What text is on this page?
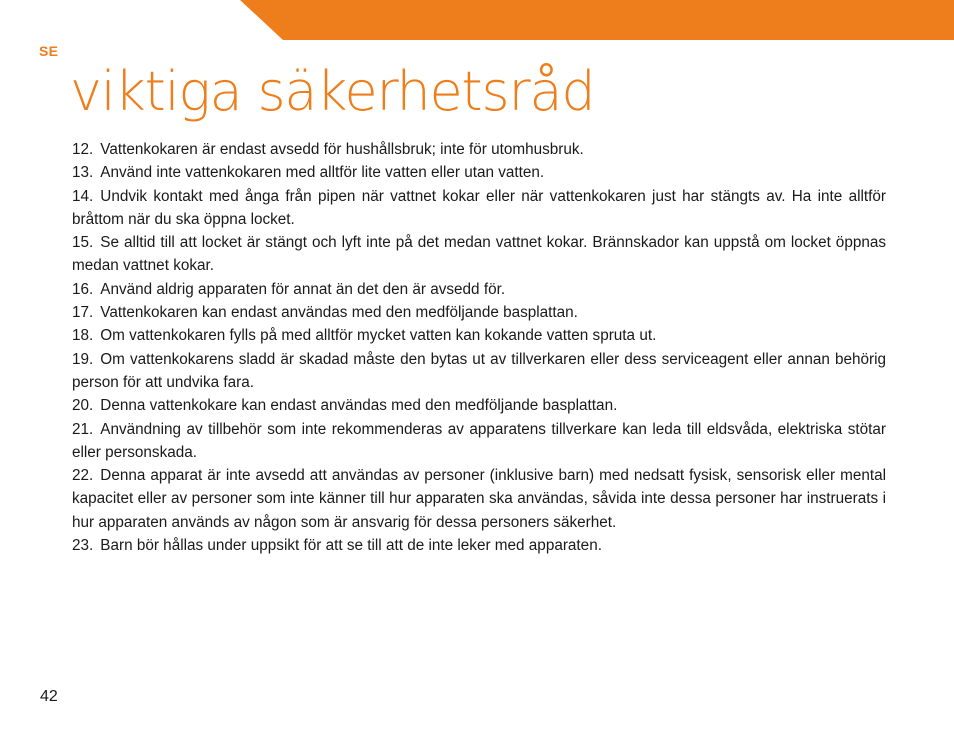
SE
viktiga säkerhetsråd

12. Vattenkokaren är endast avsedd för hushållsbruk; inte för utomhusbruk.

13. Använd inte vattenkokaren med alltför lite vatten eller utan vatten.

14. Undvik kontakt med ånga från pipen när vattnet kokar eller när vattenkokaren just har stängts av. Ha inte alltför bråttom när du ska öppna locket.

15. Se alltid till att locket är stängt och lyft inte på det medan vattnet kokar. Brännskador kan uppstå om locket öppnas medan vattnet kokar.

16. Använd aldrig apparaten för annat än det den är avsedd för.

17. Vattenkokaren kan endast användas med den medföljande basplattan.

18. Om vattenkokaren fylls på med alltför mycket vatten kan kokande vatten spruta ut.

19. Om vattenkokarens sladd är skadad måste den bytas ut av tillverkaren eller dess serviceagent eller annan behörig person för att undvika fara.

20. Denna vattenkokare kan endast användas med den medföljande basplattan.

21. Användning av tillbehör som inte rekommenderas av apparatens tillverkare kan leda till eldsvåda, elektriska stötar eller personskada.

22. Denna apparat är inte avsedd att användas av personer (inklusive barn) med nedsatt fysisk, sensorisk eller mental kapacitet eller av personer som inte känner till hur apparaten ska användas, såvida inte dessa personer har instruerats i hur apparaten används av någon som är ansvarig för dessa personers säkerhet.

23. Barn bör hållas under uppsikt för att se till att de inte leker med apparaten.

42
